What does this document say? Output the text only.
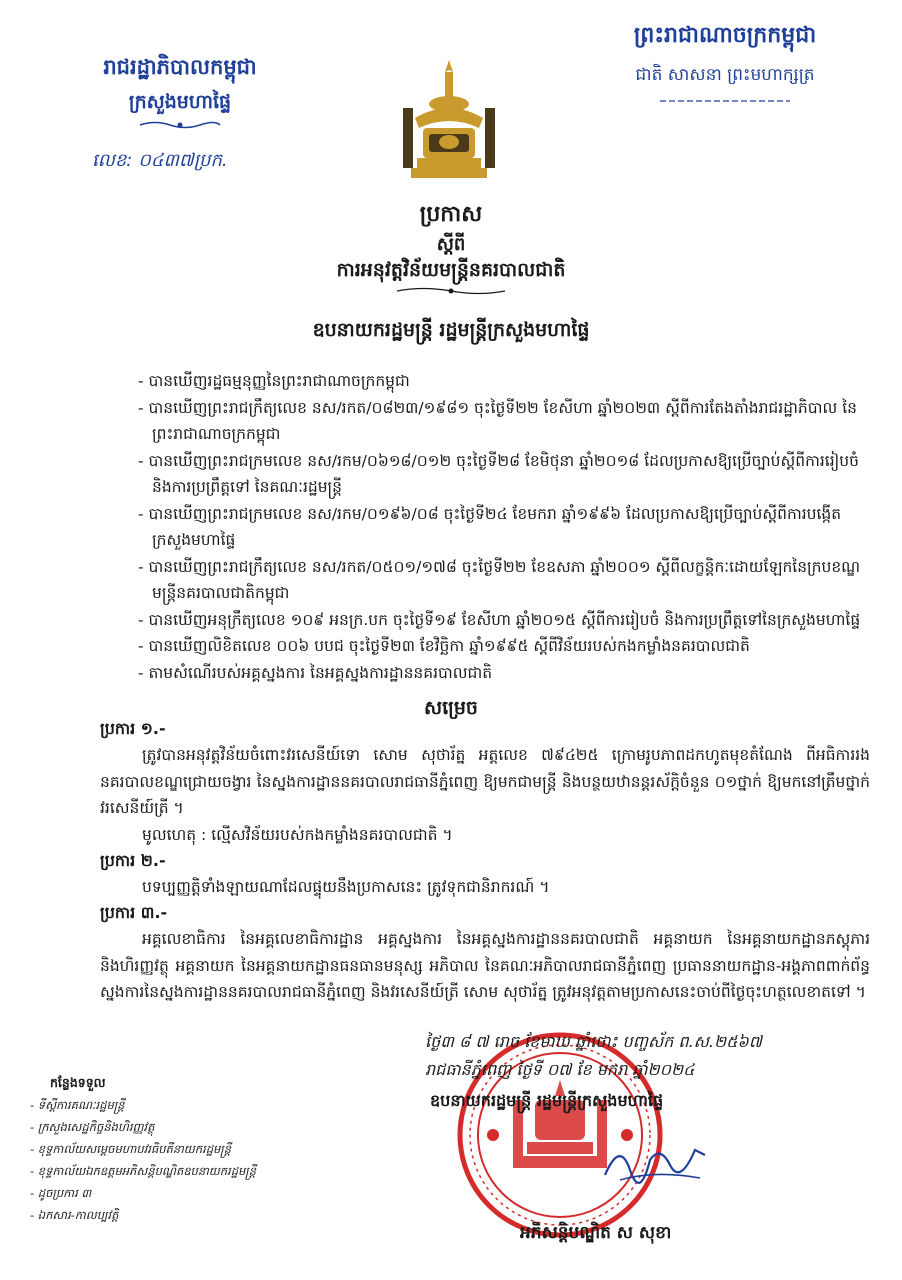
រាជរដ្ឋាភិបាលកម្ពុជា
ក្រសួងមហាផ្ទៃ
លេខ: ០៤៣៧ប្រក.
ព្រះរាជាណាចក្រកម្ពុជា
ជាតិ សាសនា ព្រះមហាក្សត្រ
ប្រកាស
ស្តីពី
ការអនុវត្តវិន័យមន្ត្រីនគរបាលជាតិ
ឧបនាយករដ្ឋមន្ត្រី រដ្ឋមន្ត្រីក្រសួងមហាផ្ទៃ
- បានឃើញរដ្ឋធម្មនុញ្ញនៃព្រះរាជាណាចក្រកម្ពុជា
- បានឃើញព្រះរាជក្រឹត្យលេខ នស/រកត/០៨២៣/១៩៨១ ចុះថ្ងៃទី២២ ខែសីហា ឆ្នាំ២០២៣ ស្តីពីការតែងតាំងរាជរដ្ឋាភិបាល នៃព្រះរាជាណាចក្រកម្ពុជា
- បានឃើញព្រះរាជក្រមលេខ នស/រកម/០៦១៨/០១២ ចុះថ្ងៃទី២៨ ខែមិថុនា ឆ្នាំ២០១៨ ដែលប្រកាសឱ្យប្រើច្បាប់ស្តីពីការរៀបចំ និងការប្រព្រឹត្តទៅ នៃគណៈរដ្ឋមន្ត្រី
- បានឃើញព្រះរាជក្រមលេខ នស/រកម/០១៩៦/០៨ ចុះថ្ងៃទី២៤ ខែមករា ឆ្នាំ១៩៩៦ ដែលប្រកាសឱ្យប្រើច្បាប់ស្តីពីការបង្កើតក្រសួងមហាផ្ទៃ
- បានឃើញព្រះរាជក្រឹត្យលេខ នស/រកត/០៥០១/១៧៨ ចុះថ្ងៃទី២២ ខែឧសភា ឆ្នាំ២០០១ ស្តីពីលក្ខន្តិកៈដោយឡែកនៃក្របខណ្ឌមន្ត្រីនគរបាលជាតិកម្ពុជា
- បានឃើញអនុក្រឹត្យលេខ ១០៩ អនក្រ.បក ចុះថ្ងៃទី១៩ ខែសីហា ឆ្នាំ២០១៥ ស្តីពីការរៀបចំ និងការប្រព្រឹត្តទៅនៃក្រសួងមហាផ្ទៃ
- បានឃើញលិខិតលេខ ០០៦ បបជ ចុះថ្ងៃទី២៣ ខែវិច្ឆិកា ឆ្នាំ១៩៩៥ ស្តីពីវិន័យរបស់កងកម្លាំងនគរបាលជាតិ
- តាមសំណើរបស់អគ្គស្នងការ នៃអគ្គស្នងការដ្ឋាននគរបាលជាតិ
សម្រេច
ប្រការ ១.-
ត្រូវបានអនុវត្តវិន័យចំពោះវរសេនីយ៍ទោ សោម សុថារ័ត្ន អត្តលេខ ៧៩៤២៥ ក្រោមរូបភាពដកហូតមុខតំណែង ពីអធិការរងនគរបាលខណ្ឌជ្រោយចង្វារ នៃស្នងការដ្ឋាននគរបាលរាជធានីភ្នំពេញ ឱ្យមកជាមន្ត្រី និងបន្ថយឋានន្តរស័ក្តិចំនួន ០១ថ្នាក់ ឱ្យមកនៅត្រឹមថ្នាក់ វរសេនីយ៍ត្រី ។
មូលហេតុ : ល្មើសវិន័យរបស់កងកម្លាំងនគរបាលជាតិ ។
ប្រការ ២.-
បទប្បញ្ញត្តិទាំងឡាយណាដែលផ្ទុយនឹងប្រកាសនេះ ត្រូវទុកជានិរាករណ៍ ។
ប្រការ ៣.-
អគ្គលេខាធិការ នៃអគ្គលេខាធិការដ្ឋាន អគ្គស្នងការ នៃអគ្គស្នងការដ្ឋាននគរបាលជាតិ អគ្គនាយក នៃអគ្គនាយកដ្ឋានភស្តុភារនិងហិរញ្ញវត្ថុ អគ្គនាយក នៃអគ្គនាយកដ្ឋានធនធានមនុស្ស អភិបាល នៃគណៈអភិបាលរាជធានីភ្នំពេញ ប្រធាននាយកដ្ឋាន-អង្គភាពពាក់ព័ន្ធ ស្នងការនៃស្នងការដ្ឋាននគរបាលរាជធានីភ្នំពេញ និងវរសេនីយ៍ត្រី សោម សុថារ័ត្ន ត្រូវអនុវត្តតាមប្រកាសនេះចាប់ពីថ្ងៃចុះហត្ថលេខាតទៅ ។
ថ្ងៃ៣ ៨ ៧ រោច ខែមាឃ ឆ្នាំថោះ បញ្ចស័ក ព.ស.២៥៦៧
រាជធានីភ្នំពេញ ថ្ងៃទី ០៧ ខែ មករា ឆ្នាំ២០២៤
ឧបនាយករដ្ឋមន្ត្រី រដ្ឋមន្ត្រីក្រសួងមហាផ្ទៃ
អភិសន្តិបណ្ឌិត ស សុខា
កន្លែងទទួល
- ទីស្តីការគណៈរដ្ឋមន្ត្រី
- ក្រសួងសេដ្ឋកិច្ចនិងហិរញ្ញវត្ថុ
- ខុទ្ទកាល័យសម្តេចមហាបវរធិបតីនាយករដ្ឋមន្ត្រី
- ខុទ្ទកាល័យឯកឧត្តមអភិសន្តិបណ្ឌិតឧបនាយករដ្ឋមន្ត្រី
- ដូចប្រការ ៣
- ឯកសារ-កាលប្បវត្តិ
